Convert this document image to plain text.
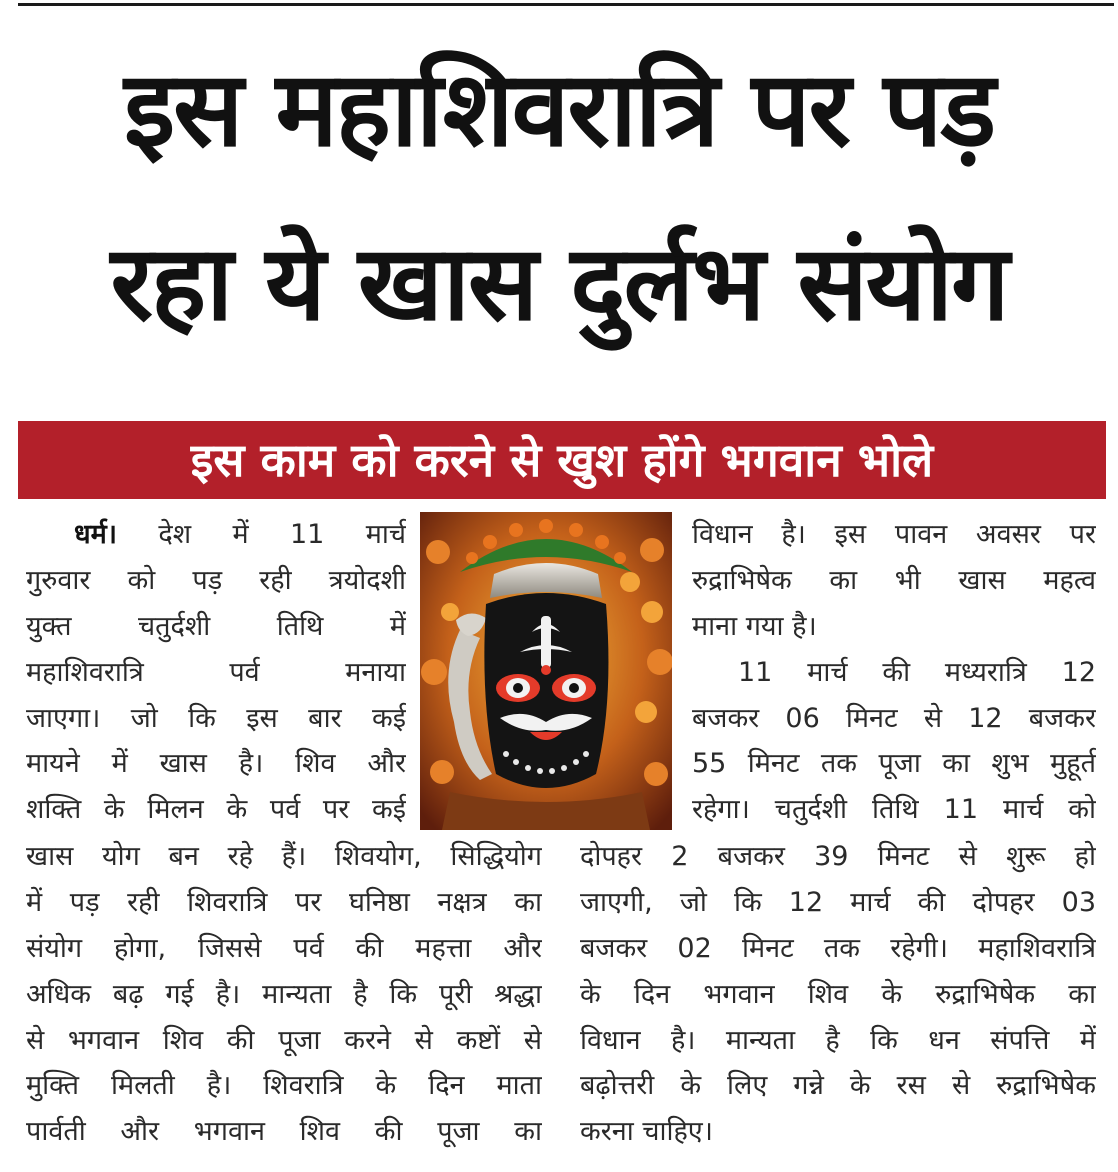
इस महाशिवरात्रि पर पड़
रहा ये खास दुर्लभ संयोग
इस काम को करने से खुश होंगे भगवान भोले
धर्म। देश में 11 मार्च
गुरुवार को पड़ रही त्रयोदशी
युक्त चतुर्दशी तिथि में
महाशिवरात्रि पर्व मनाया
जाएगा। जो कि इस बार कई
मायने में खास है। शिव और
शक्ति के मिलन के पर्व पर कई
विधान है। इस पावन अवसर पर
रुद्राभिषेक का भी खास महत्व
माना गया है।
11 मार्च की मध्यरात्रि 12
बजकर 06 मिनट से 12 बजकर
55 मिनट तक पूजा का शुभ मुहूर्त
रहेगा। चतुर्दशी तिथि 11 मार्च को
खास योग बन रहे हैं। शिवयोग, सिद्धियोग
में पड़ रही शिवरात्रि पर घनिष्ठा नक्षत्र का
संयोग होगा, जिससे पर्व की महत्ता और
अधिक बढ़ गई है। मान्यता है कि पूरी श्रद्धा
से भगवान शिव की पूजा करने से कष्टों से
मुक्ति मिलती है। शिवरात्रि के दिन माता
पार्वती और भगवान शिव की पूजा का
दोपहर 2 बजकर 39 मिनट से शुरू हो
जाएगी, जो कि 12 मार्च की दोपहर 03
बजकर 02 मिनट तक रहेगी। महाशिवरात्रि
के दिन भगवान शिव के रुद्राभिषेक का
विधान है। मान्यता है कि धन संपत्ति में
बढ़ोत्तरी के लिए गन्ने के रस से रुद्राभिषेक
करना चाहिए।
